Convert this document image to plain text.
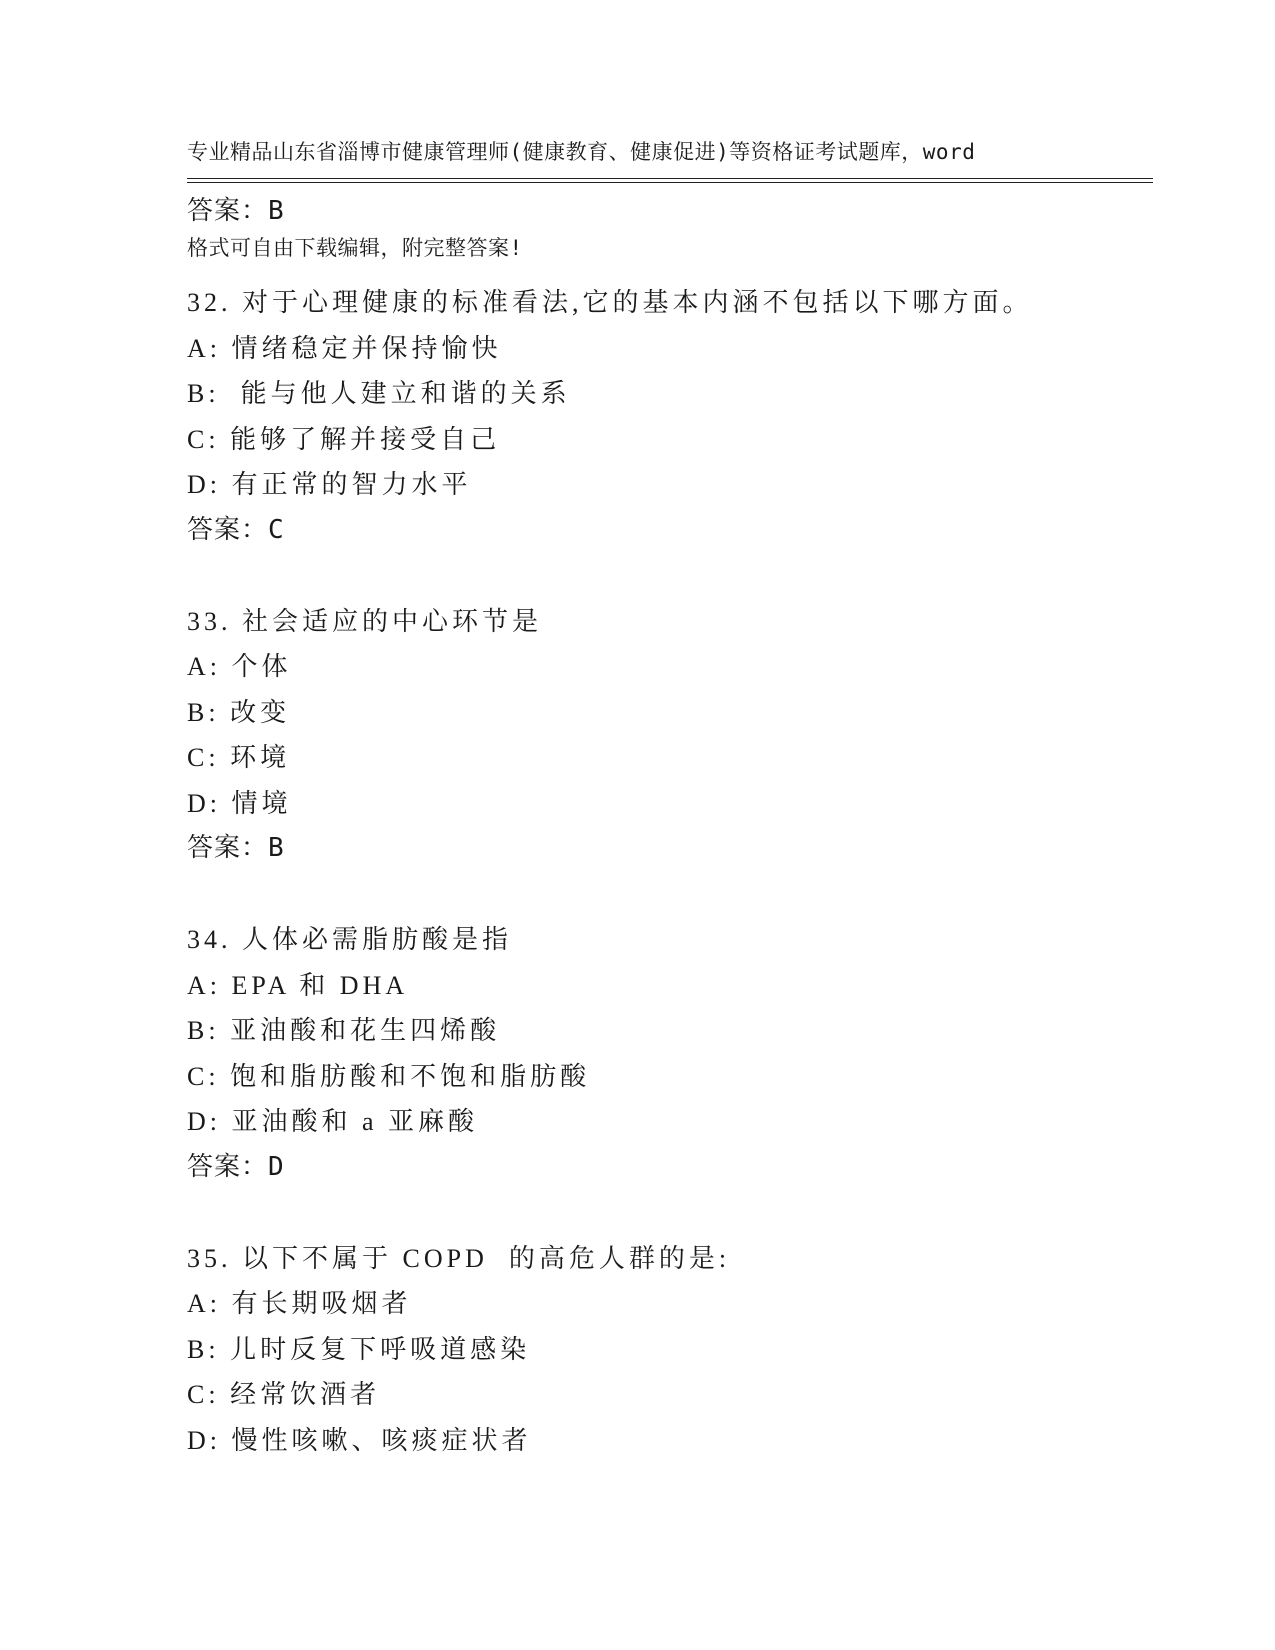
专业精品山东省淄博市健康管理师(健康教育、健康促进)等资格证考试题库，word

格式可自由下载编辑，附完整答案!

答案：B
32. 对于心理健康的标准看法,它的基本内涵不包括以下哪方面。
A: 情绪稳定并保持愉快
B:  能与他人建立和谐的关系
C: 能够了解并接受自己
D: 有正常的智力水平
答案：C
33. 社会适应的中心环节是
A: 个体
B: 改变
C: 环境
D: 情境
答案：B
34. 人体必需脂肪酸是指
A: EPA 和 DHA
B: 亚油酸和花生四烯酸
C: 饱和脂肪酸和不饱和脂肪酸
D: 亚油酸和 a 亚麻酸
答案：D
35. 以下不属于 COPD  的高危人群的是:
A: 有长期吸烟者
B: 儿时反复下呼吸道感染
C: 经常饮酒者
D: 慢性咳嗽、咳痰症状者
